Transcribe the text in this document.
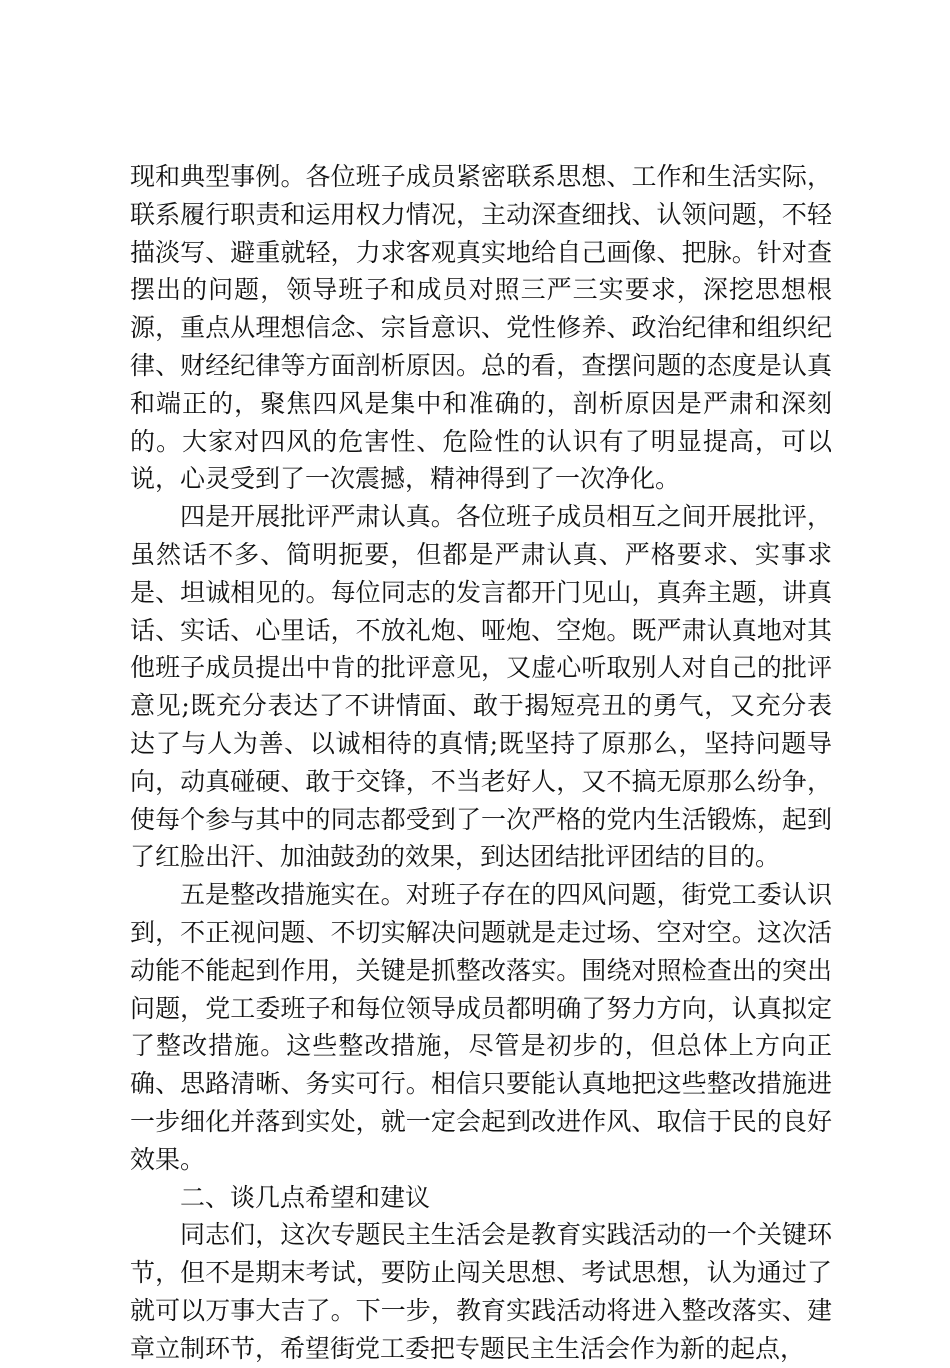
现和典型事例。各位班子成员紧密联系思想、工作和生活实际，联系履行职责和运用权力情况，主动深查细找、认领问题，不轻描淡写、避重就轻，力求客观真实地给自己画像、把脉。针对查摆出的问题，领导班子和成员对照三严三实要求，深挖思想根源，重点从理想信念、宗旨意识、党性修养、政治纪律和组织纪律、财经纪律等方面剖析原因。总的看，查摆问题的态度是认真和端正的，聚焦四风是集中和准确的，剖析原因是严肃和深刻的。大家对四风的危害性、危险性的认识有了明显提高，可以说，心灵受到了一次震撼，精神得到了一次净化。

四是开展批评严肃认真。各位班子成员相互之间开展批评，虽然话不多、简明扼要，但都是严肃认真、严格要求、实事求是、坦诚相见的。每位同志的发言都开门见山，真奔主题，讲真话、实话、心里话，不放礼炮、哑炮、空炮。既严肃认真地对其他班子成员提出中肯的批评意见，又虚心听取别人对自己的批评意见;既充分表达了不讲情面、敢于揭短亮丑的勇气，又充分表达了与人为善、以诚相待的真情;既坚持了原那么，坚持问题导向，动真碰硬、敢于交锋，不当老好人，又不搞无原那么纷争，使每个参与其中的同志都受到了一次严格的党内生活锻炼，起到了红脸出汗、加油鼓劲的效果，到达团结批评团结的目的。

五是整改措施实在。对班子存在的四风问题，街党工委认识到，不正视问题、不切实解决问题就是走过场、空对空。这次活动能不能起到作用，关键是抓整改落实。围绕对照检查出的突出问题，党工委班子和每位领导成员都明确了努力方向，认真拟定了整改措施。这些整改措施，尽管是初步的，但总体上方向正确、思路清晰、务实可行。相信只要能认真地把这些整改措施进一步细化并落到实处，就一定会起到改进作风、取信于民的良好效果。

二、谈几点希望和建议

同志们，这次专题民主生活会是教育实践活动的一个关键环节，但不是期末考试，要防止闯关思想、考试思想，认为通过了就可以万事大吉了。下一步，教育实践活动将进入整改落实、建章立制环节，希望街党工委把专题民主生活会作为新的起点，
